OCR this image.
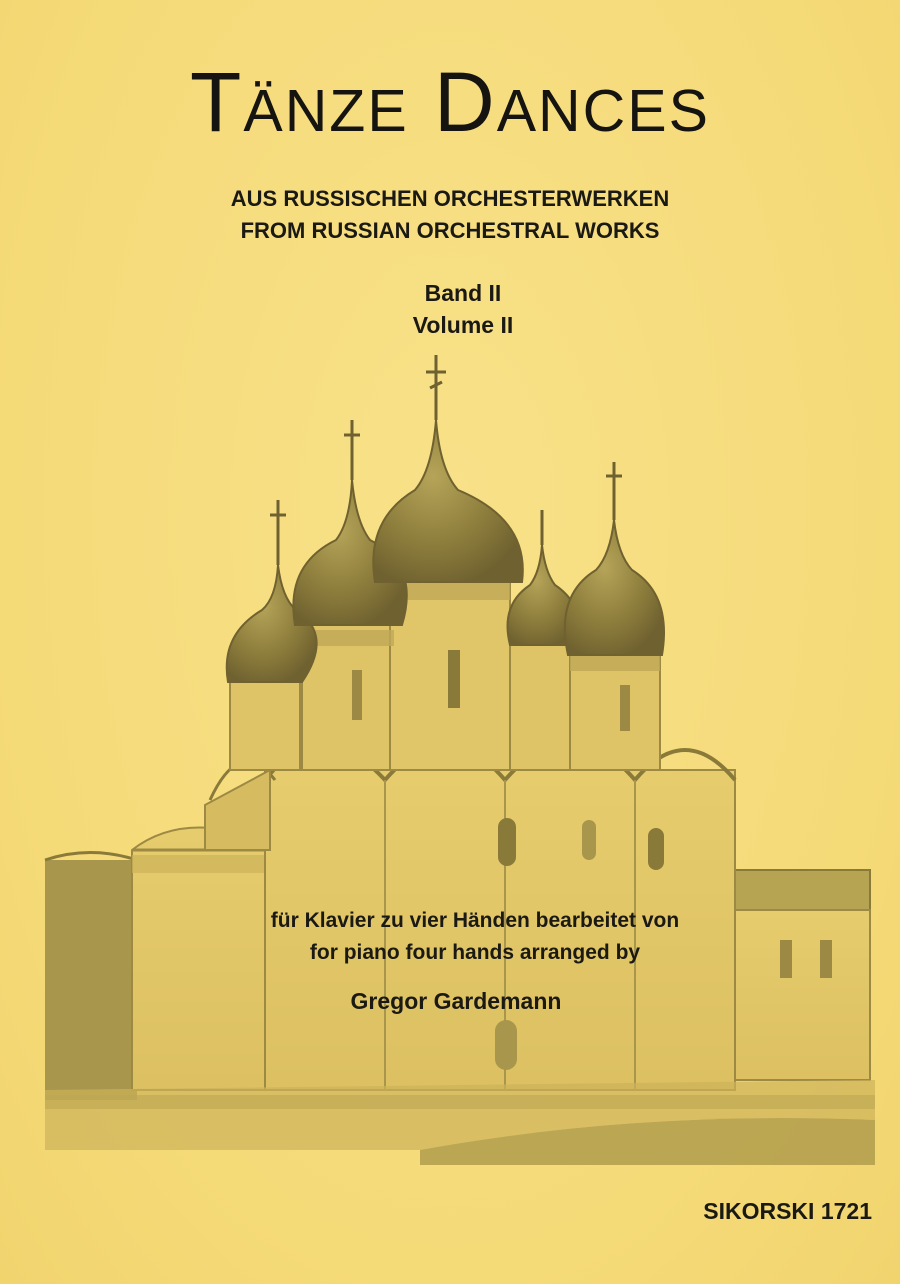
Tänze Dances
AUS RUSSISCHEN ORCHESTERWERKEN
FROM RUSSIAN ORCHESTRAL WORKS
Band II
Volume II
für Klavier zu vier Händen bearbeitet von
for piano four hands arranged by
Gregor Gardemann
SIKORSKI 1721
